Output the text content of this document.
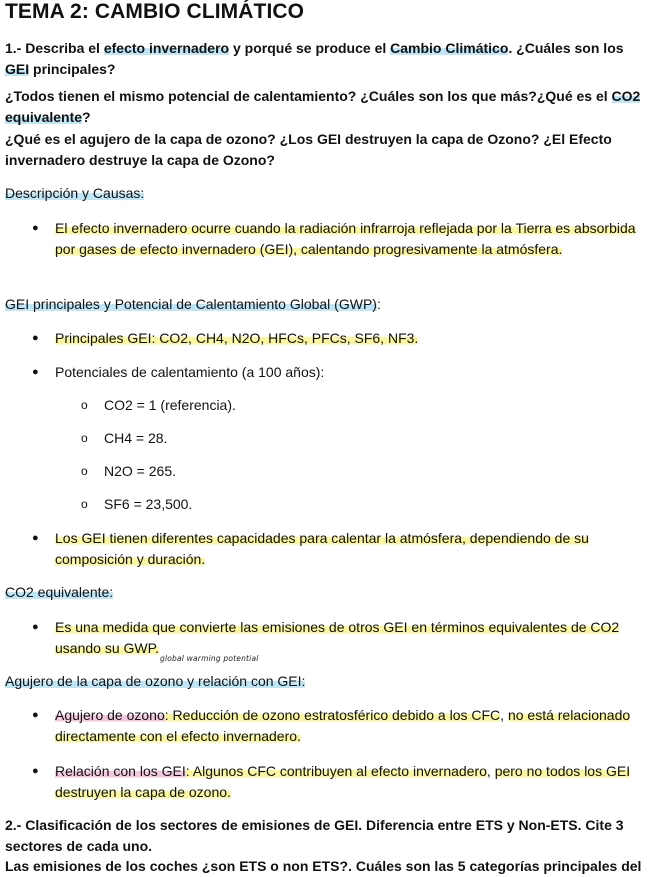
TEMA 2: CAMBIO CLIMÁTICO

1.- Describa el efecto invernadero y porqué se produce el Cambio Climático. ¿Cuáles son los GEI principales?

¿Todos tienen el mismo potencial de calentamiento? ¿Cuáles son los que más?¿Qué es el CO2 equivalente?

¿Qué es el agujero de la capa de ozono? ¿Los GEI destruyen la capa de Ozono? ¿El Efecto invernadero destruye la capa de Ozono?

Descripción y Causas:

● El efecto invernadero ocurre cuando la radiación infrarroja reflejada por la Tierra es absorbida por gases de efecto invernadero (GEI), calentando progresivamente la atmósfera.

GEI principales y Potencial de Calentamiento Global (GWP):

● Principales GEI: CO2, CH4, N2O, HFCs, PFCs, SF6, NF3.

● Potenciales de calentamiento (a 100 años):

o CO2 = 1 (referencia).

o CH4 = 28.

o N2O = 265.

o SF6 = 23,500.

● Los GEI tienen diferentes capacidades para calentar la atmósfera, dependiendo de su composición y duración.

CO2 equivalente:

● Es una medida que convierte las emisiones de otros GEI en términos equivalentes de CO2 usando su GWP.

global warming potential

Agujero de la capa de ozono y relación con GEI:

● Agujero de ozono: Reducción de ozono estratosférico debido a los CFC, no está relacionado directamente con el efecto invernadero.

● Relación con los GEI: Algunos CFC contribuyen al efecto invernadero, pero no todos los GEI destruyen la capa de ozono.

2.- Clasificación de los sectores de emisiones de GEI. Diferencia entre ETS y Non-ETS. Cite 3 sectores de cada uno.

Las emisiones de los coches ¿son ETS o non ETS?. Cuáles son las 5 categorías principales del
